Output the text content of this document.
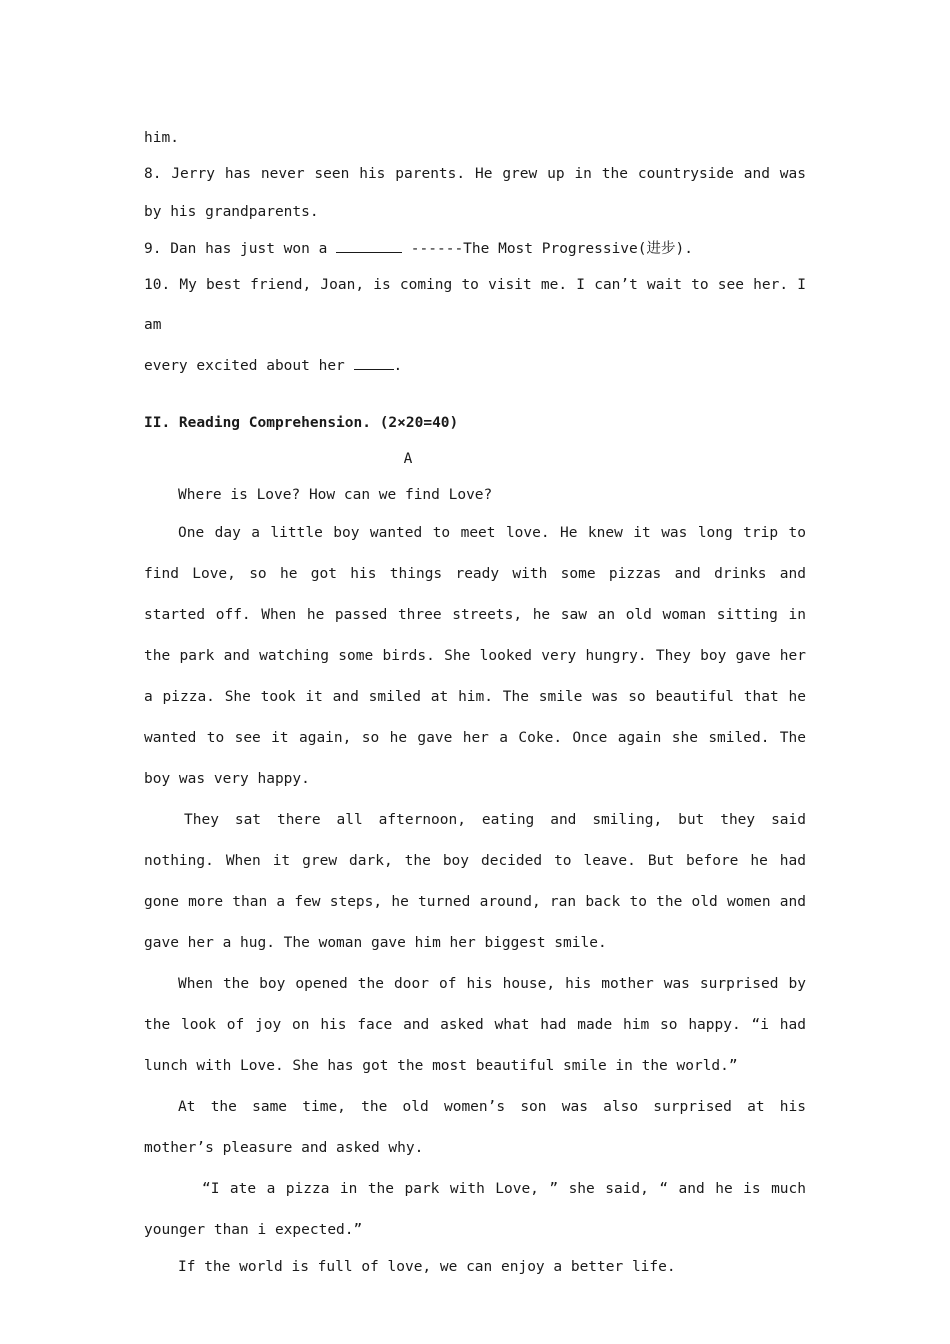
him.

8. Jerry has never seen his parents. He grew up in the countryside and was

by his grandparents.

9. Dan has just won a	------The Most Progressive(进步).

10. My best friend, Joan, is coming to visit me. I can’t wait to see her. I am

every excited about her	.

II. Reading Comprehension. (2×20=40)

A

Where is Love? How can we find Love?

One day a little boy wanted to meet love. He knew it was long trip to find Love, so he got his things ready with some pizzas and drinks and started off. When he passed three streets, he saw an old woman sitting in the park and watching some birds. She looked very hungry. They boy gave her a pizza. She took it and smiled at him. The smile was so beautiful that he wanted to see it again, so he gave her a Coke. Once again she smiled. The boy was very happy.

They sat there all afternoon, eating and smiling, but they said nothing. When it grew dark, the boy decided to leave. But before he had gone more than a few steps, he turned around, ran back to the old women and gave her a hug. The woman gave him her biggest smile.

When the boy opened the door of his house, his mother was surprised by the look of joy on his face and asked what had made him so happy. “i had lunch with Love. She has got the most beautiful smile in the world.”

At the same time, the old women’s son was also surprised at his mother’s pleasure and asked why.

“I ate a pizza in the park with Love, ” she said, “ and he is much younger than i expected.”

If the world is full of love, we can enjoy a better life.
